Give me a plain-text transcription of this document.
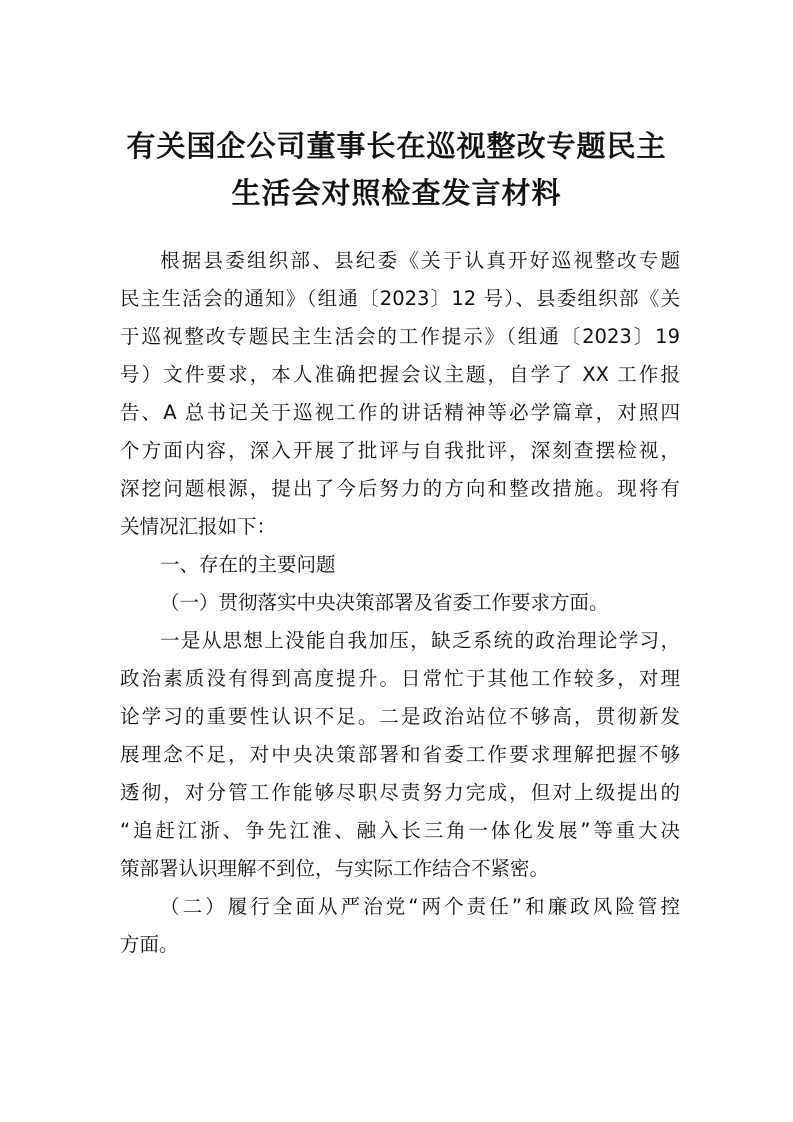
有关国企公司董事长在巡视整改专题民主
生活会对照检查发言材料
根据县委组织部、县纪委《关于认真开好巡视整改专题
民主生活会的通知》（组通〔2023〕12 号）、县委组织部《关
于巡视整改专题民主生活会的工作提示》（组通〔2023〕19
号）文件要求，本人准确把握会议主题，自学了 XX 工作报
告、A 总书记关于巡视工作的讲话精神等必学篇章，对照四
个方面内容，深入开展了批评与自我批评，深刻查摆检视，
深挖问题根源，提出了今后努力的方向和整改措施。现将有
关情况汇报如下：
一、存在的主要问题
（一）贯彻落实中央决策部署及省委工作要求方面。
一是从思想上没能自我加压，缺乏系统的政治理论学习，
政治素质没有得到高度提升。日常忙于其他工作较多，对理
论学习的重要性认识不足。二是政治站位不够高，贯彻新发
展理念不足，对中央决策部署和省委工作要求理解把握不够
透彻，对分管工作能够尽职尽责努力完成，但对上级提出的
“追赶江浙、争先江淮、融入长三角一体化发展”等重大决
策部署认识理解不到位，与实际工作结合不紧密。
（二）履行全面从严治党“两个责任”和廉政风险管控
方面。
